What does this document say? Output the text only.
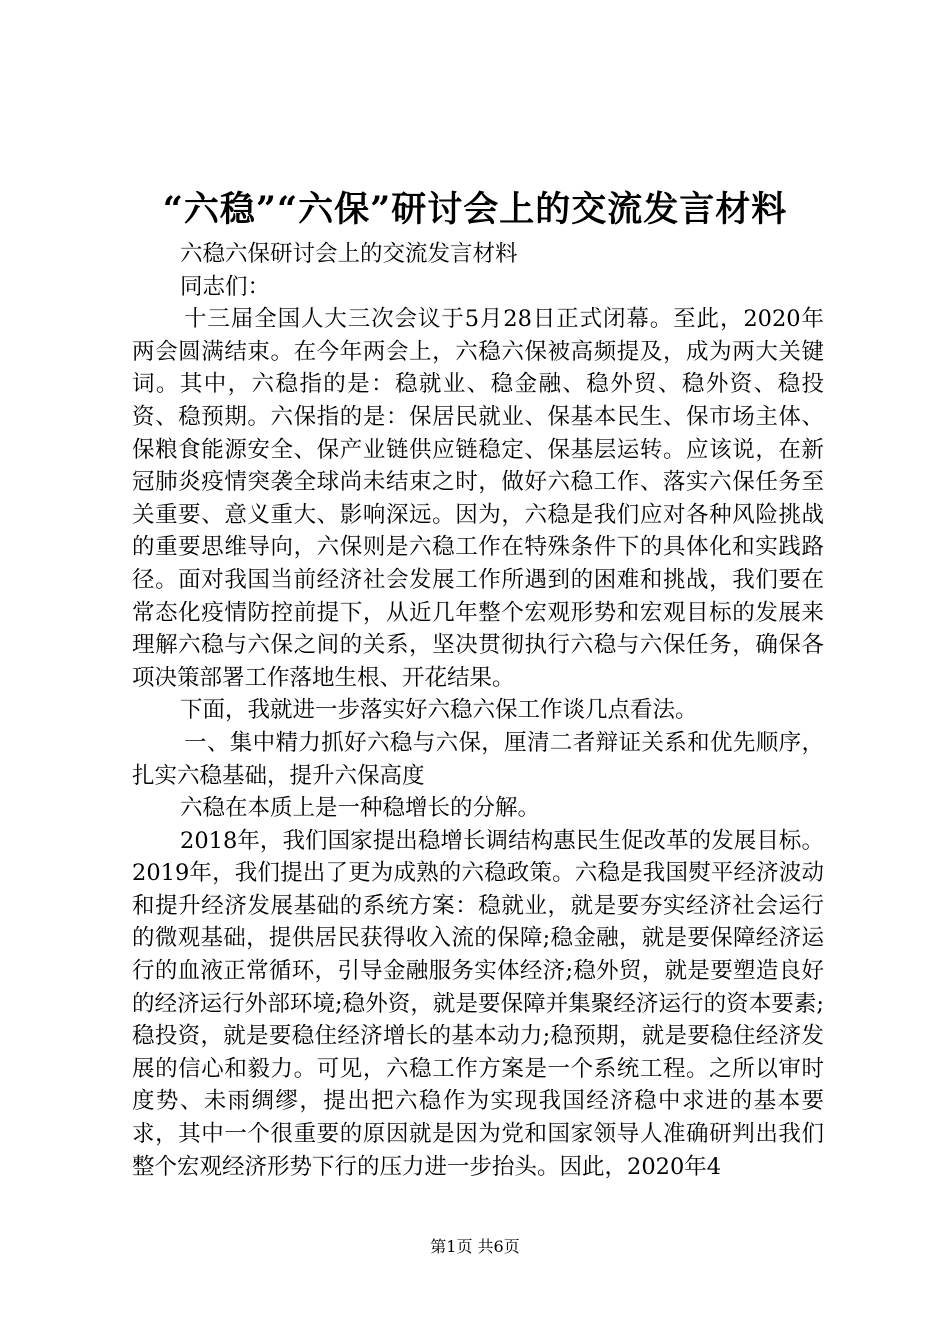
“六稳”“六保”研讨会上的交流发言材料

六稳六保研讨会上的交流发言材料

同志们：

十三届全国人大三次会议于5月28日正式闭幕。至此，2020年两会圆满结束。在今年两会上，六稳六保被高频提及，成为两大关键词。其中，六稳指的是：稳就业、稳金融、稳外贸、稳外资、稳投资、稳预期。六保指的是：保居民就业、保基本民生、保市场主体、保粮食能源安全、保产业链供应链稳定、保基层运转。应该说，在新冠肺炎疫情突袭全球尚未结束之时，做好六稳工作、落实六保任务至关重要、意义重大、影响深远。因为，六稳是我们应对各种风险挑战的重要思维导向，六保则是六稳工作在特殊条件下的具体化和实践路径。面对我国当前经济社会发展工作所遇到的困难和挑战，我们要在常态化疫情防控前提下，从近几年整个宏观形势和宏观目标的发展来理解六稳与六保之间的关系，坚决贯彻执行六稳与六保任务，确保各项决策部署工作落地生根、开花结果。

下面，我就进一步落实好六稳六保工作谈几点看法。

一、集中精力抓好六稳与六保，厘清二者辩证关系和优先顺序，扎实六稳基础，提升六保高度

六稳在本质上是一种稳增长的分解。

2018年，我们国家提出稳增长调结构惠民生促改革的发展目标。2019年，我们提出了更为成熟的六稳政策。六稳是我国熨平经济波动和提升经济发展基础的系统方案：稳就业，就是要夯实经济社会运行的微观基础，提供居民获得收入流的保障;稳金融，就是要保障经济运行的血液正常循环，引导金融服务实体经济;稳外贸，就是要塑造良好的经济运行外部环境;稳外资，就是要保障并集聚经济运行的资本要素;稳投资，就是要稳住经济增长的基本动力;稳预期，就是要稳住经济发展的信心和毅力。可见，六稳工作方案是一个系统工程。之所以审时度势、未雨绸缪，提出把六稳作为实现我国经济稳中求进的基本要求，其中一个很重要的原因就是因为党和国家领导人准确研判出我们整个宏观经济形势下行的压力进一步抬头。因此，2020年4

第1页 共6页
